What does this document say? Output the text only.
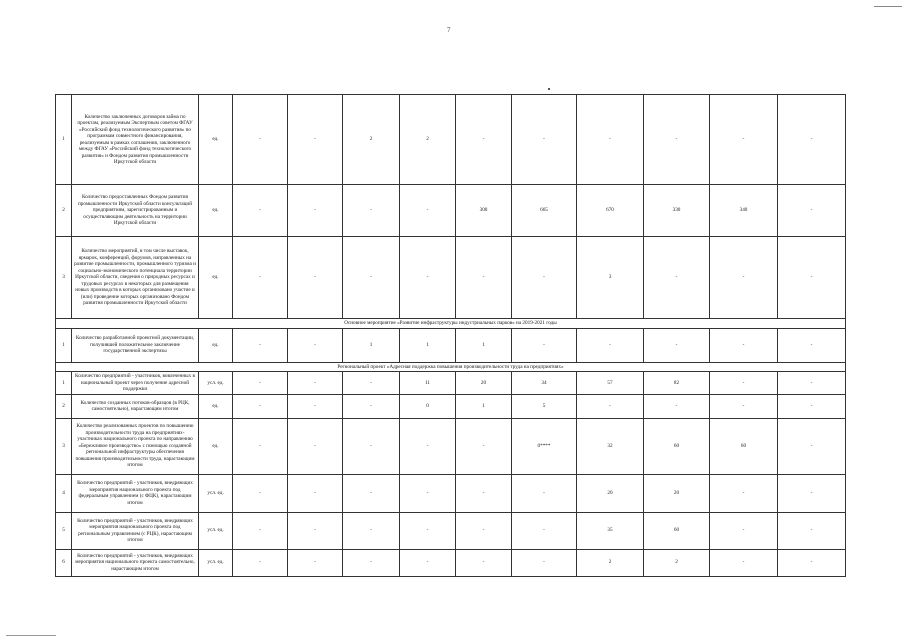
7
1	Количество заключенных договоров займа по проектам, реализуемым Экспертным советом ФГАУ «Российский фонд технологического развития» по программам совместного финансирования, реализуемым в рамках соглашения, заключенного между ФГАУ «Российский фонд технологического развития» и Фондом развития промышленности Иркутской области	ед.	-	-	2	2	-	-	-	-	-	-
2	Количество предоставленных Фондом развития промышленности Иркутской области консультаций предприятиям, зарегистрированным и осуществляющим деятельность на территории Иркутской области	ед.	-	-	-	-	300	665	670	330	340	-
3	Количество мероприятий, в том числе выставок, ярмарок, конференций, форумов, направленных на развитие промышленности, промышленного туризма и социально-экономического потенциала территории Иркутской области, сведения о природных ресурсах и трудовых ресурсах в некоторых для размещения новых производств в которых организовано участие и (или) проведение которых организовано Фондом развития промышленности Иркутской области	ед.	-	-	-	-	-	-	3	-	-	-
Основное мероприятие «Развитие инфраструктуры индустриальных парков» на 2019-2021 годы												
1	Количество разработанной проектной документации, получившей положительное заключение государственной экспертизы	ед.	-	-	1	1	1	-	-	-	-	-
Региональный проект «Адресная поддержка повышения производительности труда на предприятиях»												
1	Количество предприятий - участников, вовлеченных в национальный проект через получение адресной поддержки	усл. ед.	-	-	-	11	20	34	57	82	-	-
2	Количество созданных потоков-образцов (в РЦК, самостоятельно), нарастающим итогом	ед.	-	-	-	0	1	5	-	-	-	-
3	Количество реализованных проектов по повышению производительности труда на предприятиях-участниках национального проекта по направлению «Бережливое производство» с помощью созданной региональной инфраструктуры обеспечения повышения производительности труда, нарастающим итогом	ед.	-	-	-	-	-	0****	32	60	60	-
4	Количество предприятий - участников, внедряющих мероприятия национального проекта под федеральным управлением (с ФЦК), нарастающим итогом	усл. ед.	-	-	-	-	-	-	20	20	-	-
5	Количество предприятий - участников, внедряющих мероприятия национального проекта под региональным управлением (с РЦК), нарастающим итогом	усл. ед.	-	-	-	-	-	-	35	60	-	-
6	Количество предприятий - участников, внедряющих мероприятия национального проекта самостоятельно, нарастающим итогом	усл. ед.	-	-	-	-	-	-	2	2	-	-
